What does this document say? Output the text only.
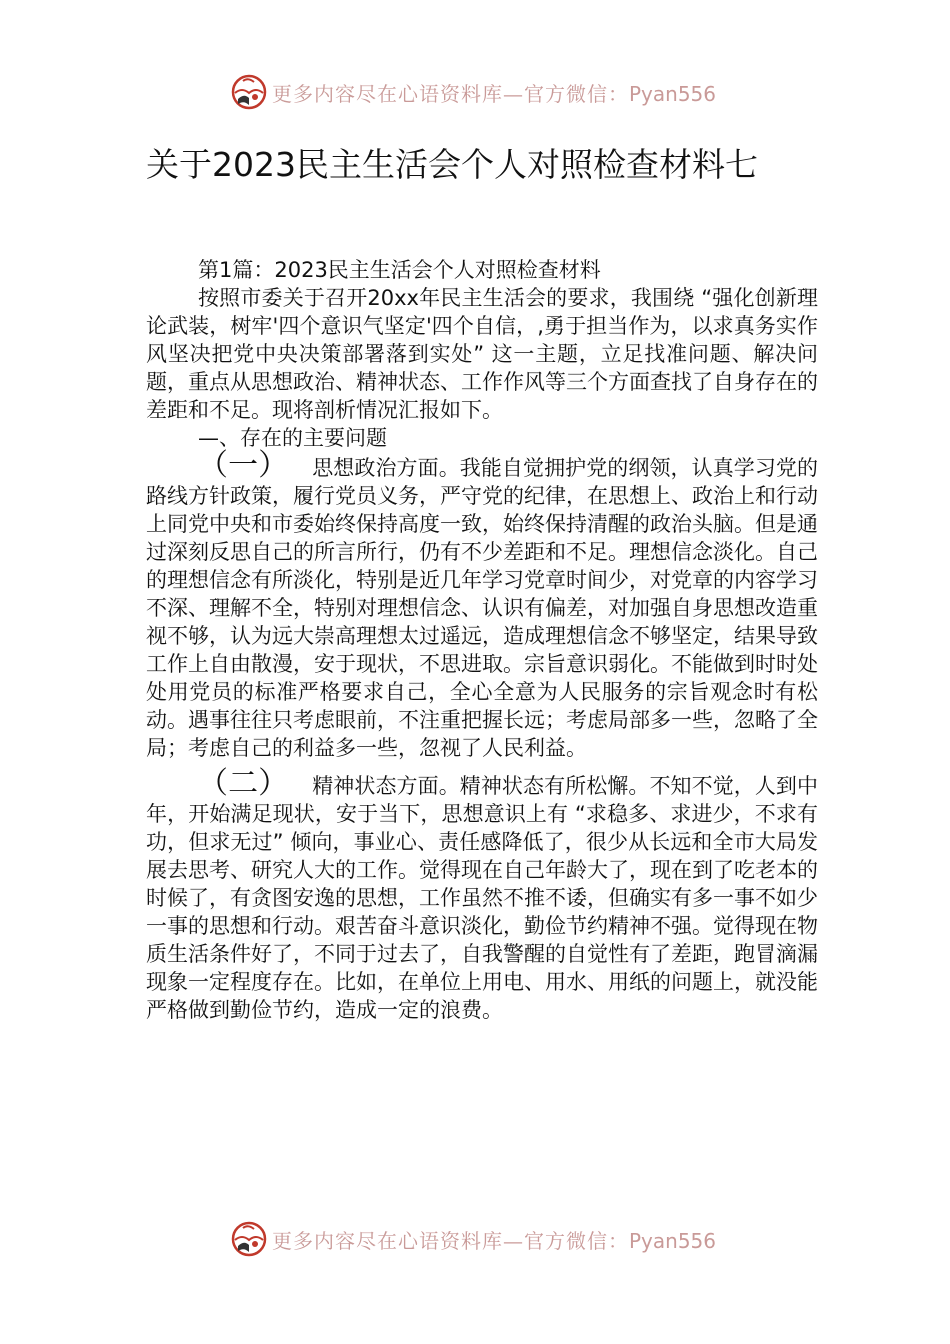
更多内容尽在心语资料库—官方微信：Pyan556
关于2023民主生活会个人对照检查材料七

第1篇：2023民主生活会个人对照检查材料

按照市委关于召开20xx年民主生活会的要求，我围绕 “强化创新理论武装，树牢'四个意识气坚定'四个自信，,勇于担当作为，以求真务实作风坚决把党中央决策部署落到实处” 这一主题，立足找准问题、解决问题，重点从思想政治、精神状态、工作作风等三个方面查找了自身存在的差距和不足。现将剖析情况汇报如下。

—、存在的主要问题

（一） 思想政治方面。我能自觉拥护党的纲领，认真学习党的路线方针政策，履行党员义务，严守党的纪律，在思想上、政治上和行动上同党中央和市委始终保持高度一致，始终保持清醒的政治头脑。但是通过深刻反思自己的所言所行，仍有不少差距和不足。理想信念淡化。自己的理想信念有所淡化，特别是近几年学习党章时间少，对党章的内容学习不深、理解不全，特别对理想信念、认识有偏差，对加强自身思想改造重视不够，认为远大崇高理想太过遥远，造成理想信念不够坚定，结果导致工作上自由散漫，安于现状，不思进取。宗旨意识弱化。不能做到时时处处用党员的标准严格要求自己，全心全意为人民服务的宗旨观念时有松动。遇事往往只考虑眼前，不注重把握长远；考虑局部多一些，忽略了全局；考虑自己的利益多一些，忽视了人民利益。

（二） 精神状态方面。精神状态有所松懈。不知不觉，人到中年，开始满足现状，安于当下，思想意识上有 “求稳多、求进少，不求有功，但求无过” 倾向，事业心、责任感降低了，很少从长远和全市大局发展去思考、研究人大的工作。觉得现在自己年龄大了，现在到了吃老本的时候了，有贪图安逸的思想，工作虽然不推不诿，但确实有多一事不如少一事的思想和行动。艰苦奋斗意识淡化，勤俭节约精神不强。觉得现在物质生活条件好了，不同于过去了，自我警醒的自觉性有了差距，跑冒滴漏现象一定程度存在。比如，在单位上用电、用水、用纸的问题上，就没能严格做到勤俭节约，造成一定的浪费。

更多内容尽在心语资料库—官方微信：Pyan556
